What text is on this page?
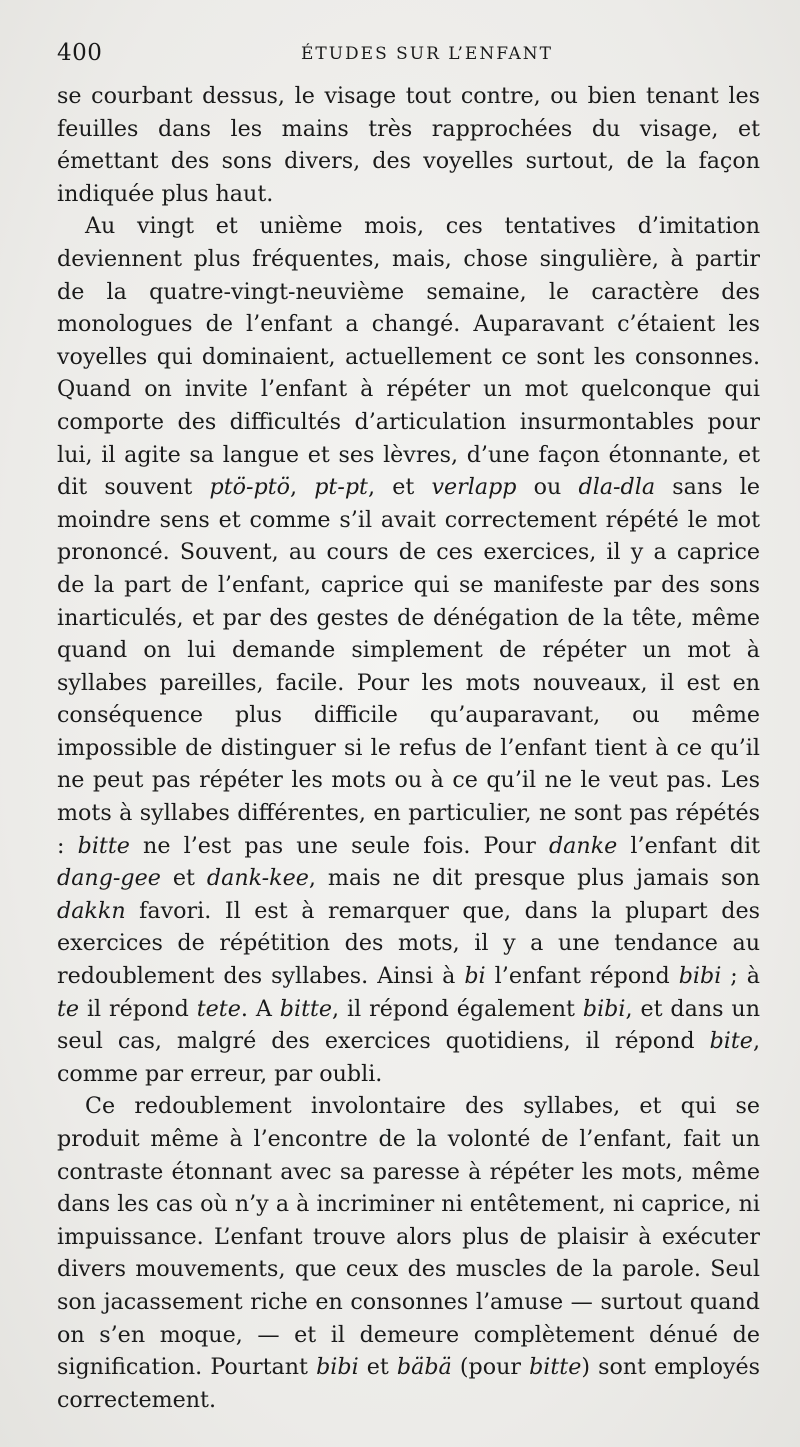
400	ÉTUDES SUR L’ENFANT

se courbant dessus, le visage tout contre, ou bien tenant les feuilles dans les mains très rapprochées du visage, et émettant des sons divers, des voyelles surtout, de la façon indiquée plus haut.

Au vingt et unième mois, ces tentatives d’imitation deviennent plus fréquentes, mais, chose singulière, à partir de la quatre-vingt-neuvième semaine, le caractère des monologues de l’enfant a changé. Auparavant c’étaient les voyelles qui dominaient, actuellement ce sont les consonnes. Quand on invite l’enfant à répéter un mot quelconque qui comporte des difficultés d’articulation insurmontables pour lui, il agite sa langue et ses lèvres, d’une façon étonnante, et dit souvent ptö-ptö, pt-pt, et verlapp ou dla-dla sans le moindre sens et comme s’il avait correctement répété le mot prononcé. Souvent, au cours de ces exercices, il y a caprice de la part de l’enfant, caprice qui se manifeste par des sons inarticulés, et par des gestes de dénégation de la tête, même quand on lui demande simplement de répéter un mot à syllabes pareilles, facile. Pour les mots nouveaux, il est en conséquence plus difficile qu’auparavant, ou même impossible de distinguer si le refus de l’enfant tient à ce qu’il ne peut pas répéter les mots ou à ce qu’il ne le veut pas. Les mots à syllabes différentes, en particulier, ne sont pas répétés : bitte ne l’est pas une seule fois. Pour danke l’enfant dit dang-gee et dank-kee, mais ne dit presque plus jamais son dakkn favori. Il est à remarquer que, dans la plupart des exercices de répétition des mots, il y a une tendance au redoublement des syllabes. Ainsi à bi l’enfant répond bibi ; à te il répond tete. A bitte, il répond également bibi, et dans un seul cas, malgré des exercices quotidiens, il répond bite, comme par erreur, par oubli.

Ce redoublement involontaire des syllabes, et qui se produit même à l’encontre de la volonté de l’enfant, fait un contraste étonnant avec sa paresse à répéter les mots, même dans les cas où n’y a à incriminer ni entêtement, ni caprice, ni impuissance. L’enfant trouve alors plus de plaisir à exécuter divers mouvements, que ceux des muscles de la parole. Seul son jacassement riche en consonnes l’amuse — surtout quand on s’en moque, — et il demeure complètement dénué de signification. Pourtant bibi et bäbä (pour bitte) sont employés correctement.
